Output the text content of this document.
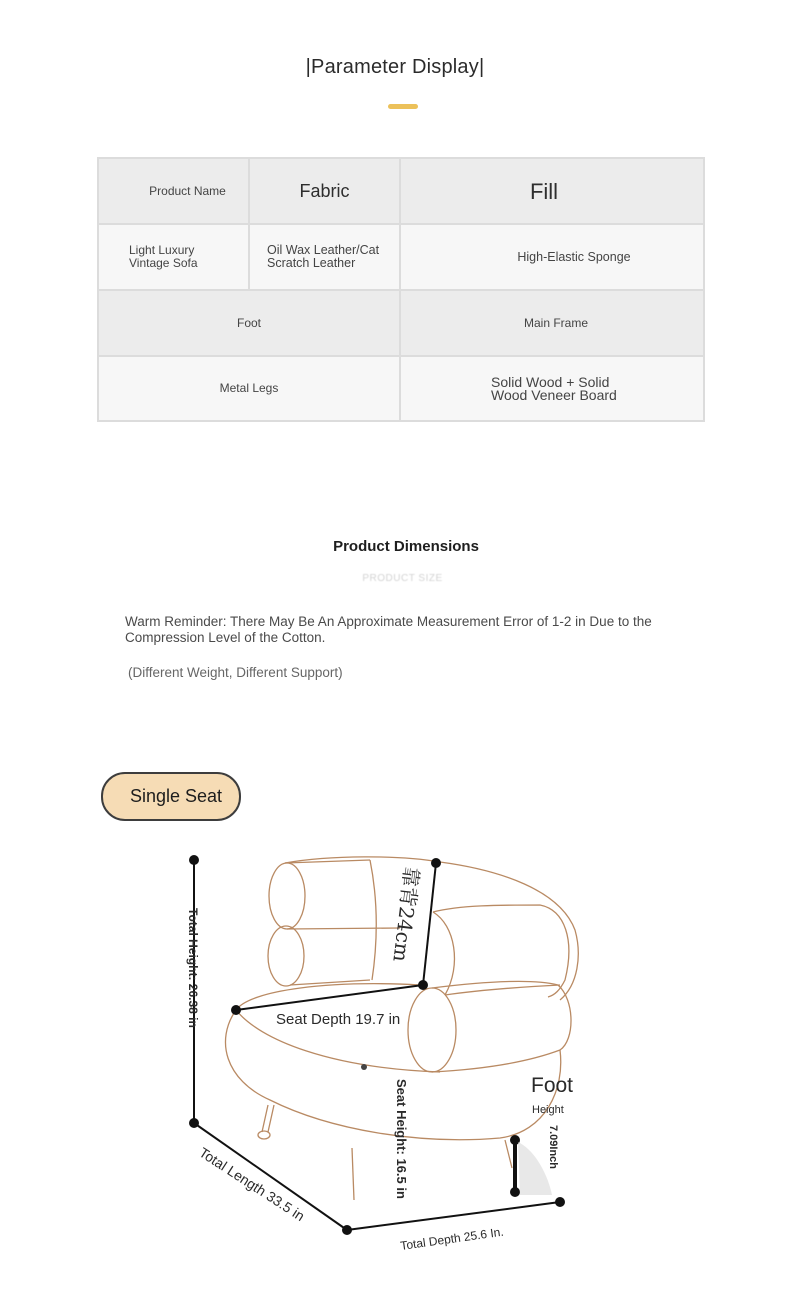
|Parameter Display|
Product Name	Fabric	Fill
Light Luxury Vintage Sofa	Oil Wax Leather/Cat Scratch Leather	High-Elastic Sponge
Foot		Main Frame
Metal Legs		Solid Wood + Solid Wood Veneer Board
Product Dimensions
PRODUCT SIZE
Warm Reminder: There May Be An Approximate Measurement Error of 1-2 in Due to the Compression Level of the Cotton.
(Different Weight, Different Support)
Single Seat
Total Height: 26.38 in	靠背24cm
Seat Depth 19.7 in
Seat Height: 16.5 in	Foot
Height
7.09Inch
Total Length 33.5 in
Total Depth 25.6 In.
